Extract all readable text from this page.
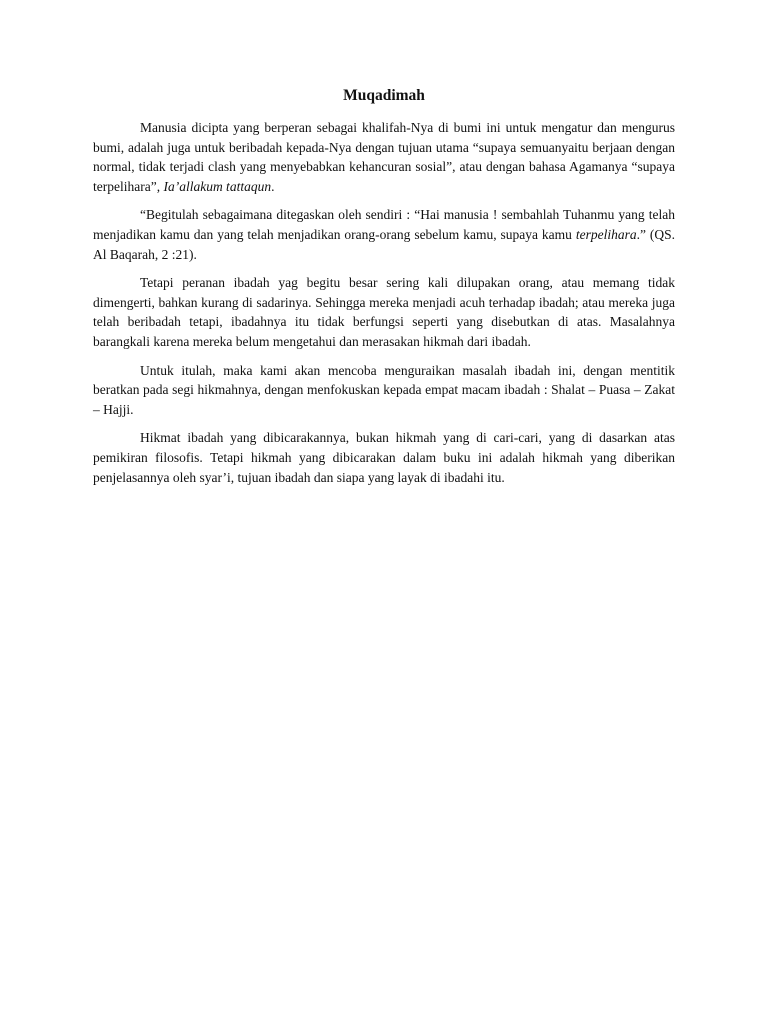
Muqadimah

Manusia dicipta yang berperan sebagai khalifah-Nya di bumi ini untuk mengatur dan mengurus bumi, adalah juga untuk beribadah kepada-Nya dengan tujuan utama “supaya semuanyaitu berjaan dengan normal, tidak terjadi clash yang menyebabkan kehancuran sosial”, atau dengan bahasa Agamanya “supaya terpelihara”, Ia’allakum tattaqun.

“Begitulah sebagaimana ditegaskan oleh sendiri : “Hai manusia ! sembahlah Tuhanmu yang telah menjadikan kamu dan yang telah menjadikan orang-orang sebelum kamu, supaya kamu terpelihara.” (QS. Al Baqarah, 2 :21).

Tetapi peranan ibadah yag begitu besar sering kali dilupakan orang, atau memang tidak dimengerti, bahkan kurang di sadarinya. Sehingga mereka menjadi acuh terhadap ibadah; atau mereka juga telah beribadah tetapi, ibadahnya itu tidak berfungsi seperti yang disebutkan di atas. Masalahnya barangkali karena mereka belum mengetahui dan merasakan hikmah dari ibadah.

Untuk itulah, maka kami akan mencoba menguraikan masalah ibadah ini, dengan mentitik beratkan pada segi hikmahnya, dengan menfokuskan kepada empat macam ibadah : Shalat – Puasa – Zakat – Hajji.

Hikmat ibadah yang dibicarakannya, bukan hikmah yang di cari-cari, yang di dasarkan atas pemikiran filosofis. Tetapi hikmah yang dibicarakan dalam buku ini adalah hikmah yang diberikan penjelasannya oleh syar’i, tujuan ibadah dan siapa yang layak di ibadahi itu.
